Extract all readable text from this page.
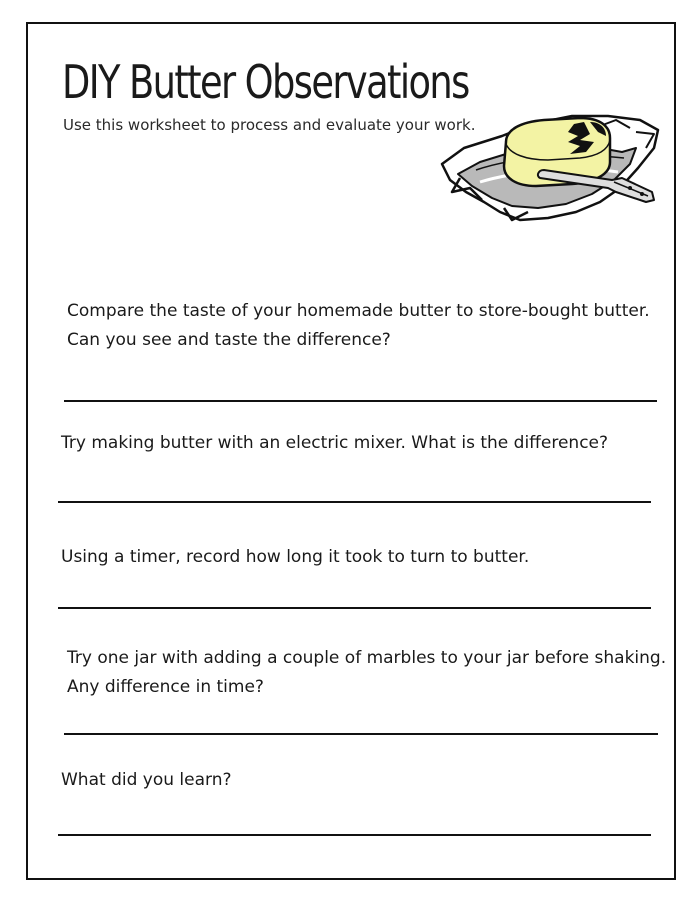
DIY Butter Observations

Use this worksheet to process and evaluate your work.

Compare the taste of your homemade butter to store-bought butter.
Can you see and taste the difference?

Try making butter with an electric mixer. What is the difference?

Using a timer, record how long it took to turn to butter.

Try one jar with adding a couple of marbles to your jar before shaking.
Any difference in time?

What did you learn?
